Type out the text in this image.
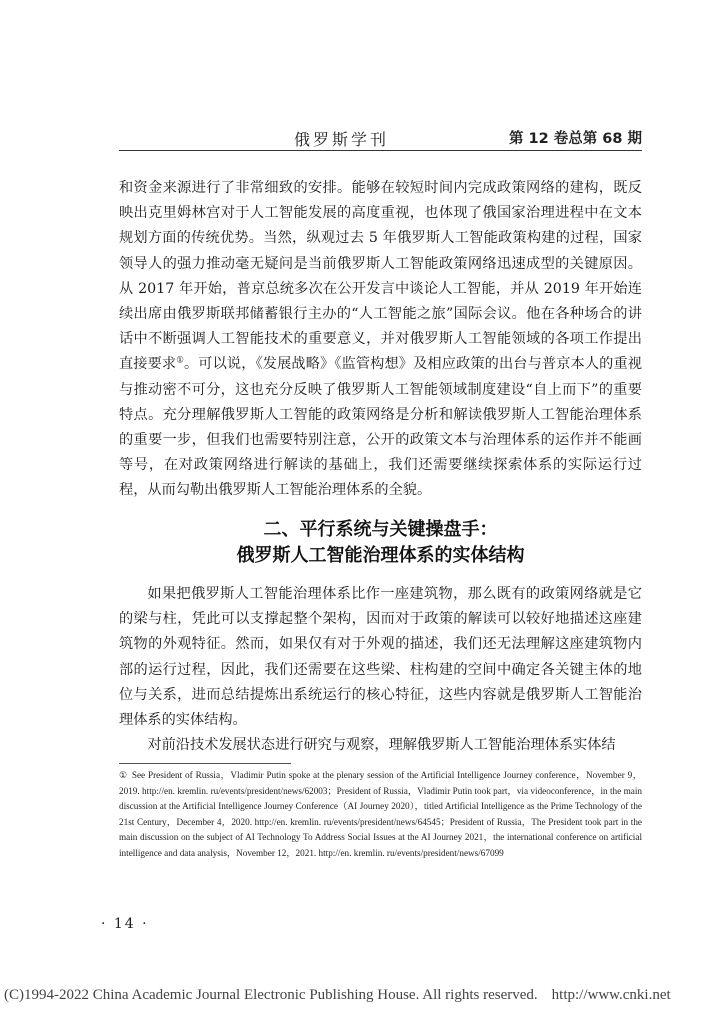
俄罗斯学刊	第 12 卷总第 68 期

和资金来源进行了非常细致的安排。能够在较短时间内完成政策网络的建构，既反映出克里姆林宫对于人工智能发展的高度重视，也体现了俄国家治理进程中在文本规划方面的传统优势。当然，纵观过去 5 年俄罗斯人工智能政策构建的过程，国家领导人的强力推动毫无疑问是当前俄罗斯人工智能政策网络迅速成型的关键原因。从 2017 年开始，普京总统多次在公开发言中谈论人工智能，并从 2019 年开始连续出席由俄罗斯联邦储蓄银行主办的“人工智能之旅”国际会议。他在各种场合的讲话中不断强调人工智能技术的重要意义，并对俄罗斯人工智能领域的各项工作提出直接要求①。可以说，《发展战略》《监管构想》及相应政策的出台与普京本人的重视与推动密不可分，这也充分反映了俄罗斯人工智能领域制度建设“自上而下”的重要特点。充分理解俄罗斯人工智能的政策网络是分析和解读俄罗斯人工智能治理体系的重要一步，但我们也需要特别注意，公开的政策文本与治理体系的运作并不能画等号，在对政策网络进行解读的基础上，我们还需要继续探索体系的实际运行过程，从而勾勒出俄罗斯人工智能治理体系的全貌。

二、平行系统与关键操盘手：
俄罗斯人工智能治理体系的实体结构

如果把俄罗斯人工智能治理体系比作一座建筑物，那么既有的政策网络就是它的梁与柱，凭此可以支撑起整个架构，因而对于政策的解读可以较好地描述这座建筑物的外观特征。然而，如果仅有对于外观的描述，我们还无法理解这座建筑物内部的运行过程，因此，我们还需要在这些梁、柱构建的空间中确定各关键主体的地位与关系，进而总结提炼出系统运行的核心特征，这些内容就是俄罗斯人工智能治理体系的实体结构。

对前沿技术发展状态进行研究与观察，理解俄罗斯人工智能治理体系实体结

① See President of Russia，Vladimir Putin spoke at the plenary session of the Artificial Intelligence Journey conference，November 9，2019. http://en. kremlin. ru/events/president/news/62003；President of Russia，Vladimir Putin took part，via videoconference，in the main discussion at the Artificial Intelligence Journey Conference（AI Journey 2020），titled Artificial Intelligence as the Prime Technology of the 21st Century，December 4，2020. http://en. kremlin. ru/events/president/news/64545；President of Russia，The President took part in the main discussion on the subject of AI Technology To Address Social Issues at the AI Journey 2021，the international conference on artificial intelligence and data analysis，November 12，2021. http://en. kremlin. ru/events/president/news/67099

· 14 ·
(C)1994-2022 China Academic Journal Electronic Publishing House. All rights reserved. http://www.cnki.net
